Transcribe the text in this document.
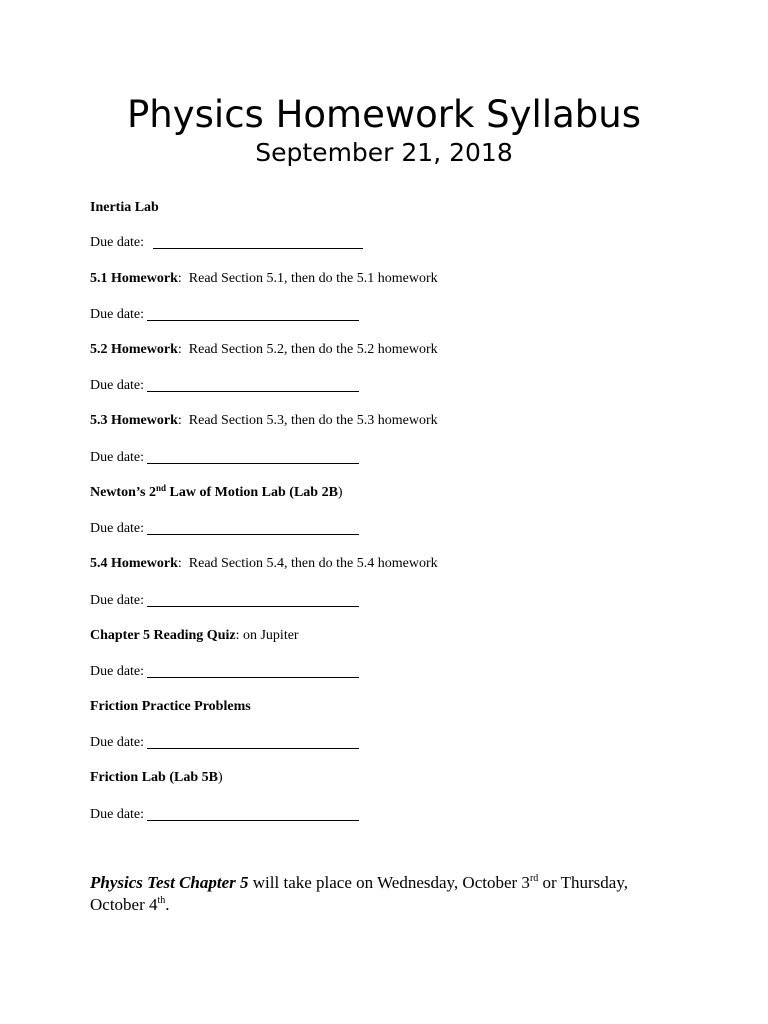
Physics Homework Syllabus
September 21, 2018
Inertia Lab
Due date:
5.1 Homework: Read Section 5.1, then do the 5.1 homework
Due date:
5.2 Homework: Read Section 5.2, then do the 5.2 homework
Due date:
5.3 Homework: Read Section 5.3, then do the 5.3 homework
Due date:
Newton’s 2nd Law of Motion Lab (Lab 2B)
Due date:
5.4 Homework: Read Section 5.4, then do the 5.4 homework
Due date:
Chapter 5 Reading Quiz: on Jupiter
Due date:
Friction Practice Problems
Due date:
Friction Lab (Lab 5B)
Due date:
Physics Test Chapter 5 will take place on Wednesday, October 3rd or Thursday, October 4th.
